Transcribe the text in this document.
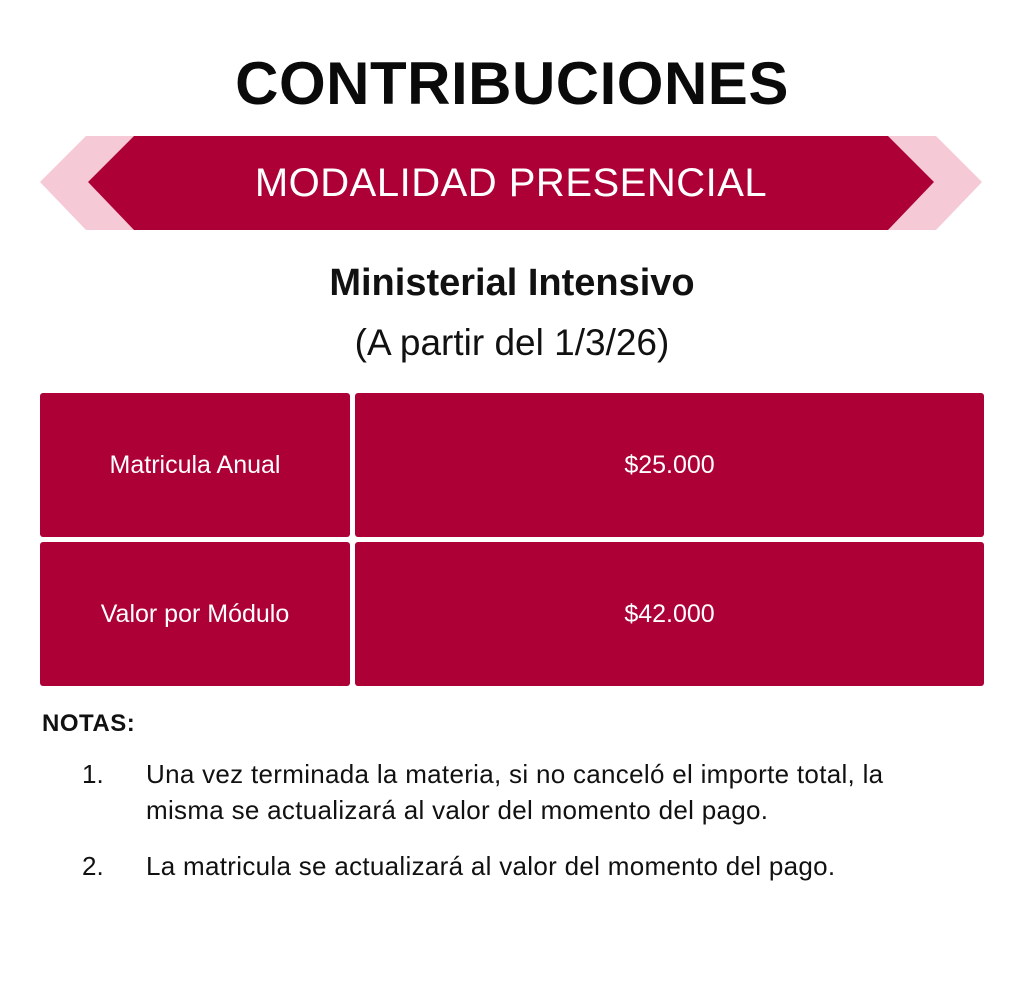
CONTRIBUCIONES
MODALIDAD PRESENCIAL
Ministerial Intensivo
(A partir del 1/3/26)
Matricula Anual	$25.000
Valor por Módulo	$42.000
NOTAS:
1.	Una vez terminada la materia, si no canceló el importe total, la misma se actualizará al valor del momento del pago.
2.	La matricula se actualizará al valor del momento del pago.
